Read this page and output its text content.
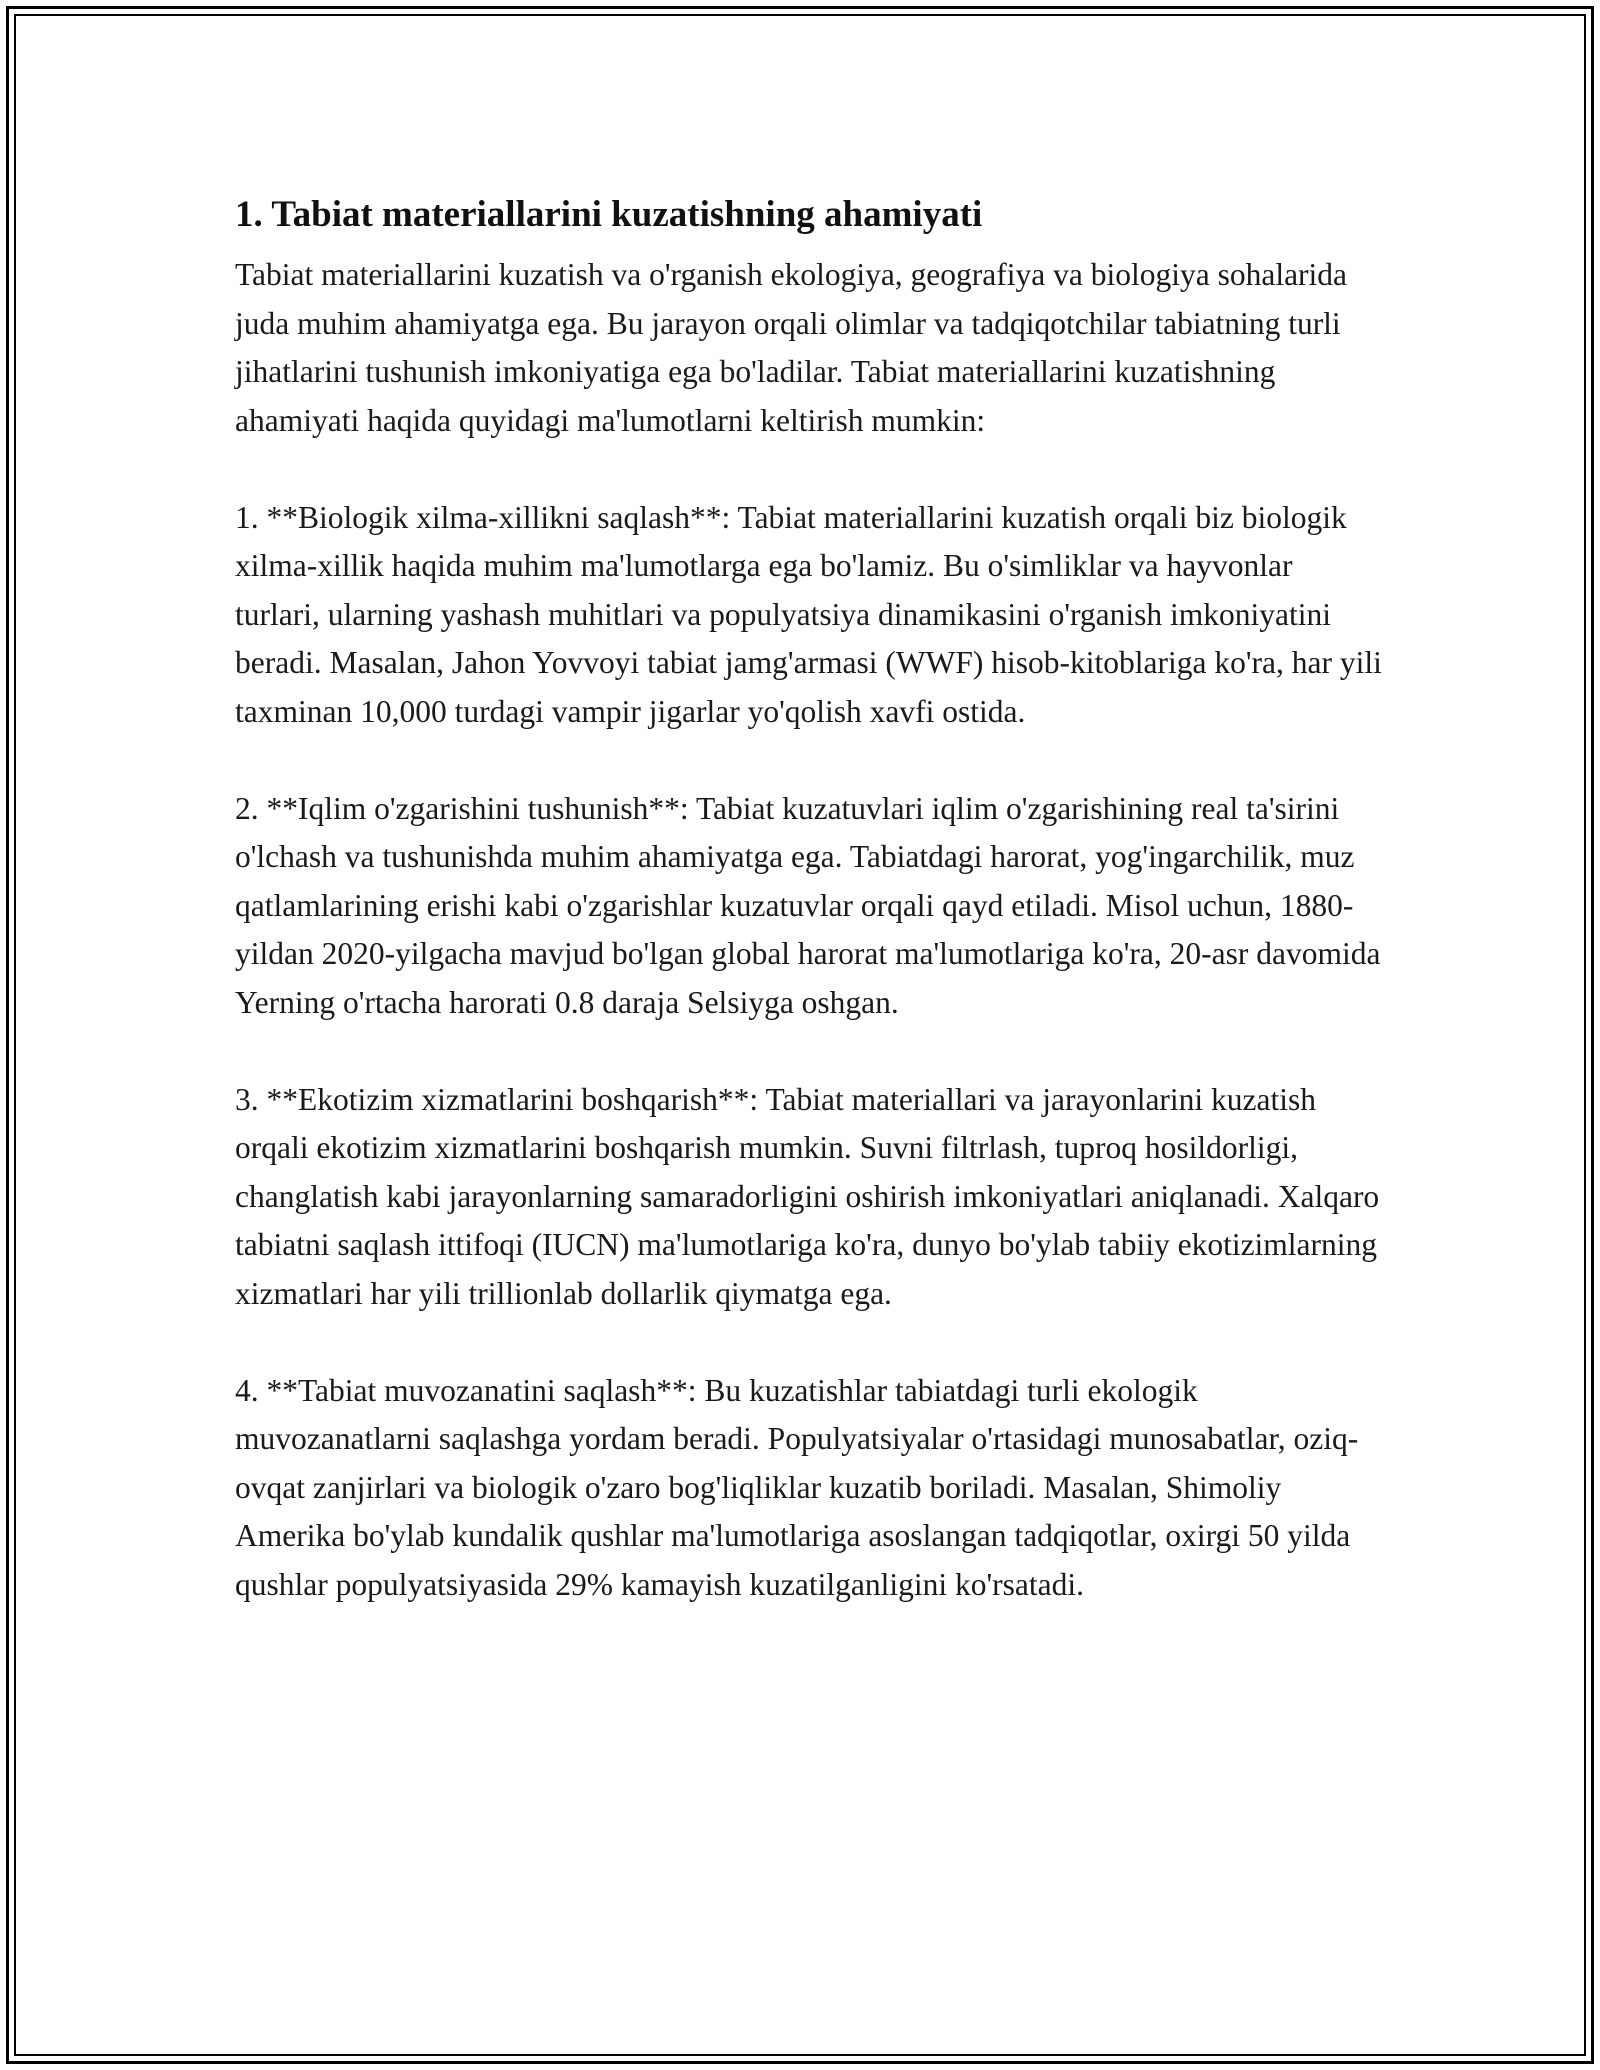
1. Tabiat materiallarini kuzatishning ahamiyati

Tabiat materiallarini kuzatish va o'rganish ekologiya, geografiya va biologiya sohalarida juda muhim ahamiyatga ega. Bu jarayon orqali olimlar va tadqiqotchilar tabiatning turli jihatlarini tushunish imkoniyatiga ega bo'ladilar. Tabiat materiallarini kuzatishning ahamiyati haqida quyidagi ma'lumotlarni keltirish mumkin:

1. **Biologik xilma-xillikni saqlash**: Tabiat materiallarini kuzatish orqali biz biologik xilma-xillik haqida muhim ma'lumotlarga ega bo'lamiz. Bu o'simliklar va hayvonlar turlari, ularning yashash muhitlari va populyatsiya dinamikasini o'rganish imkoniyatini beradi. Masalan, Jahon Yovvoyi tabiat jamg'armasi (WWF) hisob-kitoblariga ko'ra, har yili taxminan 10,000 turdagi vampir jigarlar yo'qolish xavfi ostida.

2. **Iqlim o'zgarishini tushunish**: Tabiat kuzatuvlari iqlim o'zgarishining real ta'sirini o'lchash va tushunishda muhim ahamiyatga ega. Tabiatdagi harorat, yog'ingarchilik, muz qatlamlarining erishi kabi o'zgarishlar kuzatuvlar orqali qayd etiladi. Misol uchun, 1880-yildan 2020-yilgacha mavjud bo'lgan global harorat ma'lumotlariga ko'ra, 20-asr davomida Yerning o'rtacha harorati 0.8 daraja Selsiyga oshgan.

3. **Ekotizim xizmatlarini boshqarish**: Tabiat materiallari va jarayonlarini kuzatish orqali ekotizim xizmatlarini boshqarish mumkin. Suvni filtrlash, tuproq hosildorligi, changlatish kabi jarayonlarning samaradorligini oshirish imkoniyatlari aniqlanadi. Xalqaro tabiatni saqlash ittifoqi (IUCN) ma'lumotlariga ko'ra, dunyo bo'ylab tabiiy ekotizimlarning xizmatlari har yili trillionlab dollarlik qiymatga ega.

4. **Tabiat muvozanatini saqlash**: Bu kuzatishlar tabiatdagi turli ekologik muvozanatlarni saqlashga yordam beradi. Populyatsiyalar o'rtasidagi munosabatlar, oziq-ovqat zanjirlari va biologik o'zaro bog'liqliklar kuzatib boriladi. Masalan, Shimoliy Amerika bo'ylab kundalik qushlar ma'lumotlariga asoslangan tadqiqotlar, oxirgi 50 yilda qushlar populyatsiyasida 29% kamayish kuzatilganligini ko'rsatadi.
